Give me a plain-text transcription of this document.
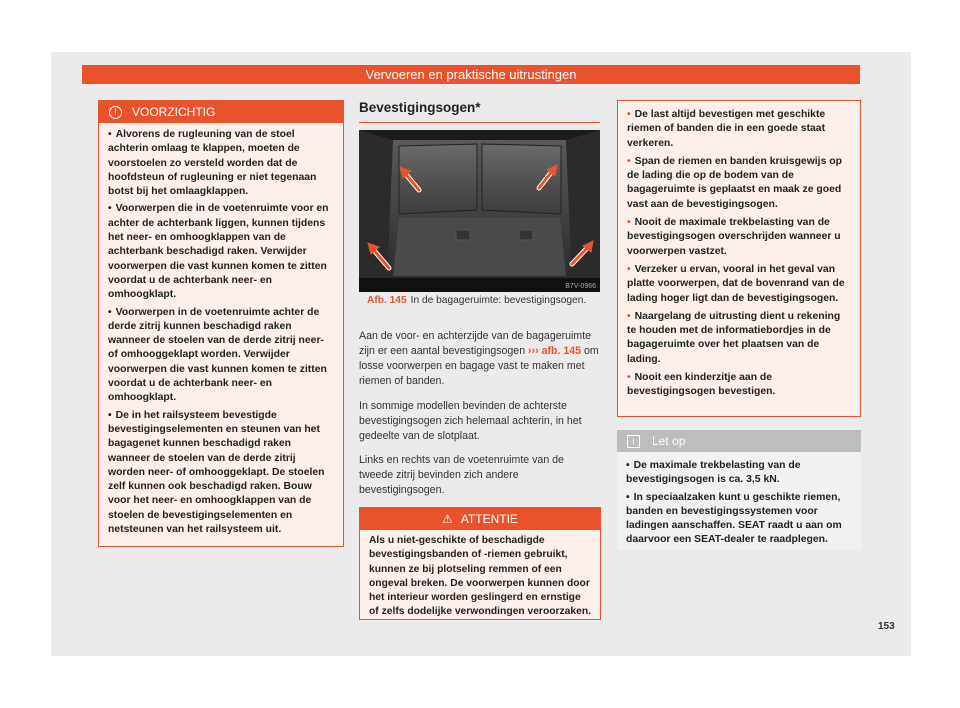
Vervoeren en praktische uitrustingen
! VOORZICHTIG
• Alvorens de rugleuning van de stoel achterin omlaag te klappen, moeten de voorstoelen zo versteld worden dat de hoofdsteun of rugleuning er niet tegenaan botst bij het omlaagklappen.
• Voorwerpen die in de voetenruimte voor en achter de achterbank liggen, kunnen tijdens het neer- en omhoogklappen van de achterbank beschadigd raken. Verwijder voorwerpen die vast kunnen komen te zitten voordat u de achterbank neer- en omhoogklapt.
• Voorwerpen in de voetenruimte achter de derde zitrij kunnen beschadigd raken wanneer de stoelen van de derde zitrij neer- of omhooggeklapt worden. Verwijder voorwerpen die vast kunnen komen te zitten voordat u de achterbank neer- en omhoogklapt.
• De in het railsysteem bevestigde bevestigingselementen en steunen van het bagagenet kunnen beschadigd raken wanneer de stoelen van de derde zitrij worden neer- of omhooggeklapt. De stoelen zelf kunnen ook beschadigd raken. Bouw voor het neer- en omhoogklappen van de stoelen de bevestigingselementen en netsteunen van het railsysteem uit.
Bevestigingsogen*
B7V-0966
Afb. 145 In de bagageruimte: bevestigingsogen.
Aan de voor- en achterzijde van de bagageruimte zijn er een aantal bevestigingsogen ››› afb. 145 om losse voorwerpen en bagage vast te maken met riemen of banden.
In sommige modellen bevinden de achterste bevestigingsogen zich helemaal achterin, in het gedeelte van de slotplaat.
Links en rechts van de voetenruimte van de tweede zitrij bevinden zich andere bevestigingsogen.
⚠ ATTENTIE
Als u niet-geschikte of beschadigde bevestigingsbanden of -riemen gebruikt, kunnen ze bij plotseling remmen of een ongeval breken. De voorwerpen kunnen door het interieur worden geslingerd en ernstige of zelfs dodelijke verwondingen veroorzaken.
• De last altijd bevestigen met geschikte riemen of banden die in een goede staat verkeren.
• Span de riemen en banden kruisgewijs op de lading die op de bodem van de bagageruimte is geplaatst en maak ze goed vast aan de bevestigingsogen.
• Nooit de maximale trekbelasting van de bevestigingsogen overschrijden wanneer u voorwerpen vastzet.
• Verzeker u ervan, vooral in het geval van platte voorwerpen, dat de bovenrand van de lading hoger ligt dan de bevestigingsogen.
• Naargelang de uitrusting dient u rekening te houden met de informatiebordjes in de bagageruimte over het plaatsen van de lading.
• Nooit een kinderzitje aan de bevestigingsogen bevestigen.
i Let op
• De maximale trekbelasting van de bevestigingsogen is ca. 3,5 kN.
• In speciaalzaken kunt u geschikte riemen, banden en bevestigingssystemen voor ladingen aanschaffen. SEAT raadt u aan om daarvoor een SEAT-dealer te raadplegen.
153
